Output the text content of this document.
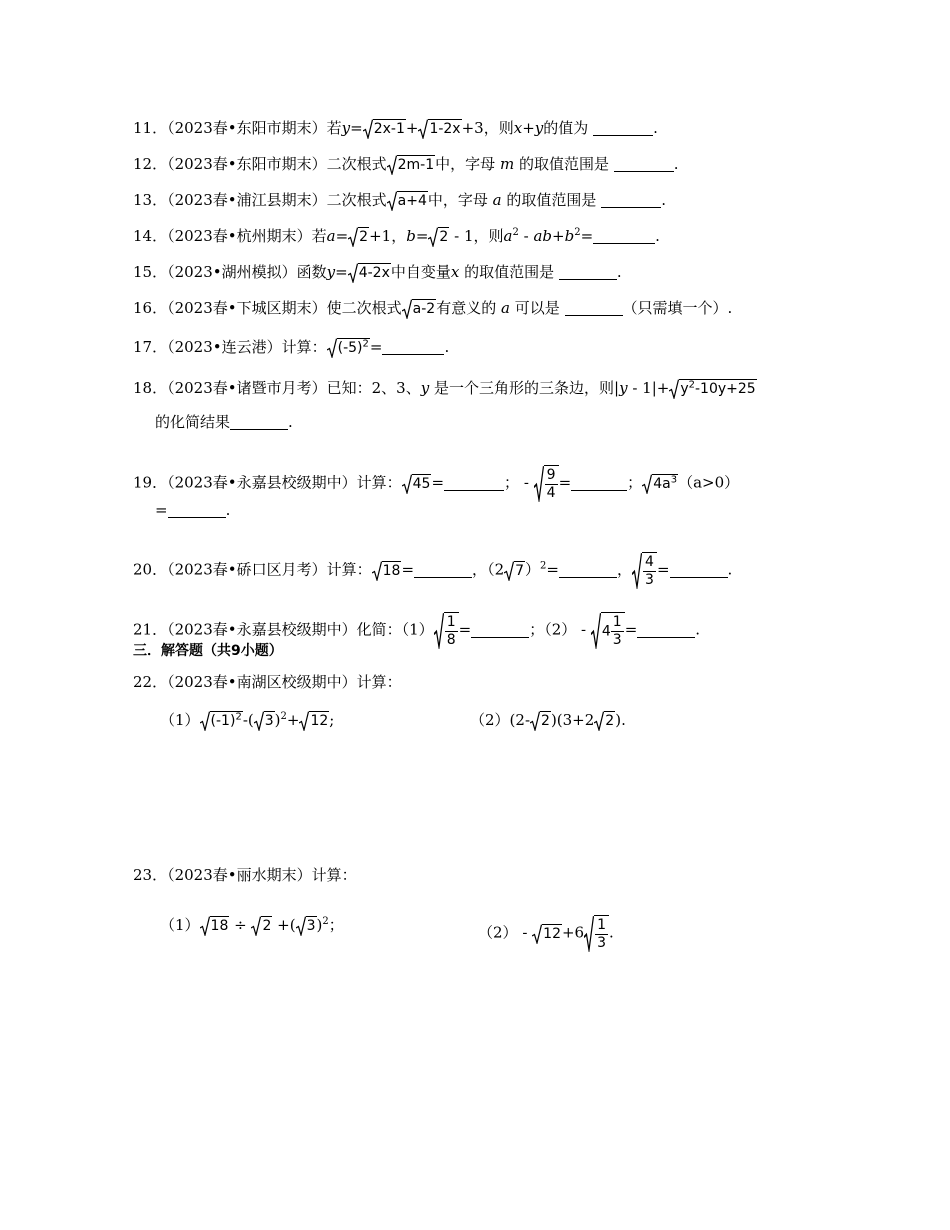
11．（2023春•东阳市期末）若y= 2x-1 + 1-2x +3，则x+y的值为	.
12．（2023春•东阳市期末）二次根式 2m-1 中，字母 m 的取值范围是	.
13．（2023春•浦江县期末）二次根式 a+4 中，字母 a 的取值范围是	.
14．（2023春•杭州期末）若a= 2 +1，b= 2 - 1，则$a^2 - ab+b^2=$	.
15．（2023•湖州模拟）函数y= 4-2x 中自变量x 的取值范围是	.
16．（2023春•下城区期末）使二次根式 a-2 有意义的 a 可以是	（只需填一个）.
17．（2023•连云港）计算： $(-5)^2$ =	.
18．（2023春•诸暨市月考）已知：2、3、y 是一个三角形的三条边，则$|y - 1|+ y^2-10y+25$
的化简结果	.
19．（2023春•永嘉县校级期中）计算： 45 =	； - $\frac{9}{4}$ =	； $4a^3$ （a>0）
=	.
20．（2023春•硚口区月考）计算： 18 =	，（2 7 ）$^2$=	， $\frac{4}{3}$ =	.
21．（2023春•永嘉县校级期中）化简：$(1) \frac{1}{8}$ =	；$(2) - 4 \frac{1}{3}$ =	.
三．解答题（共9小题）
22．（2023春•南湖区校级期中）计算：
（1） $(-1)^2$ -( 3 )$^2$+ 12 ;	（2）(2- 2 )(3+2 2 ).
23．（2023春•丽水期末）计算：
（1） 18 ÷ 2 +( 3 )$^2$；	$(2) - 12 +6 \frac{1}{3}$ .
